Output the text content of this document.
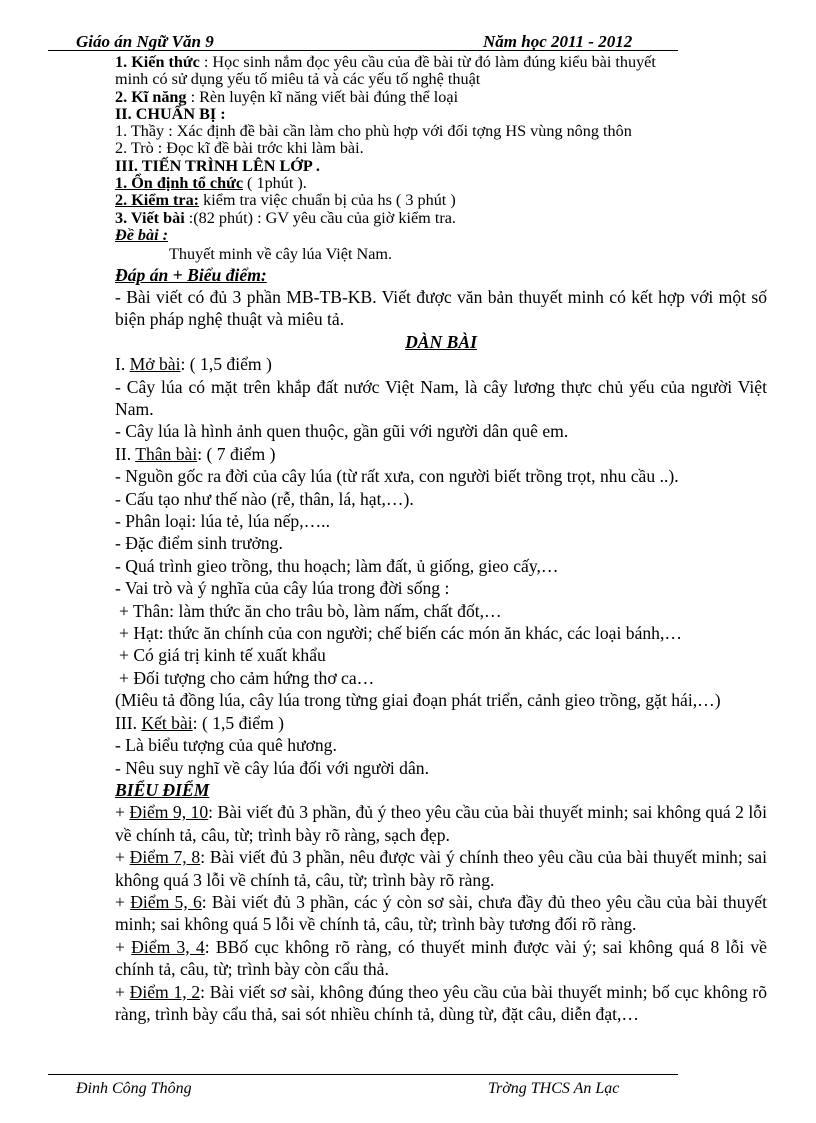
Giáo án Ngữ Văn 9	Năm học 2011 - 2012
1. Kiến thức : Học sinh nắm đọc yêu cầu của đề bài từ đó làm đúng kiểu bài thuyết
minh có sử dụng yếu tố miêu tả và các yếu tố nghệ thuật
2. Kĩ năng : Rèn luyện kĩ năng viết bài đúng thể loại
II. CHUẨN BỊ :
1. Thầy : Xác định đề bài cần làm cho phù hợp với đối tợng HS vùng nông thôn
2. Trò : Đọc kĩ đề bài trớc khi làm bài.
III. TIẾN TRÌNH LÊN LỚP .
1. Ổn định tổ chức ( 1phút ).
2. Kiểm tra: kiểm tra việc chuẩn bị của hs ( 3 phút )
3. Viết bài :(82 phút) : GV yêu cầu của giờ kiểm tra.
Đề bài :
Thuyết minh về cây lúa Việt Nam.
Đáp án + Biểu điểm:
- Bài viết có đủ 3 phần MB-TB-KB. Viết được văn bản thuyết minh có kết hợp với một số biện pháp nghệ thuật và miêu tả.
DÀN BÀI
I. Mở bài: ( 1,5 điểm )
- Cây lúa có mặt trên khắp đất nước Việt Nam, là cây lương thực chủ yếu của người Việt Nam.
- Cây lúa là hình ảnh quen thuộc, gần gũi với người dân quê em.
II. Thân bài: ( 7 điểm )
- Nguồn gốc ra đời của cây lúa (từ rất xưa, con người biết trồng trọt, nhu cầu ..).
- Cấu tạo như thế nào (rễ, thân, lá, hạt,…).
- Phân loại: lúa tẻ, lúa nếp,…..
- Đặc điểm sinh trưởng.
- Quá trình gieo trồng, thu hoạch; làm đất, ủ giống, gieo cấy,…
- Vai trò và ý nghĩa của cây lúa trong đời sống :
+ Thân: làm thức ăn cho trâu bò, làm nấm, chất đốt,…
+ Hạt: thức ăn chính của con người; chế biến các món ăn khác, các loại bánh,…
+ Có giá trị kinh tế xuất khẩu
+ Đối tượng cho cảm hứng thơ ca…
(Miêu tả đồng lúa, cây lúa trong từng giai đoạn phát triển, cảnh gieo trồng, gặt hái,…)
III. Kết bài: ( 1,5 điểm )
- Là biểu tượng của quê hương.
- Nêu suy nghĩ về cây lúa đối với người dân.
BIỂU ĐIỂM
+ Điểm 9, 10: Bài viết đủ 3 phần, đủ ý theo yêu cầu của bài thuyết minh; sai không quá 2 lỗi về chính tả, câu, từ; trình bày rõ ràng, sạch đẹp.
+ Điểm 7, 8: Bài viết đủ 3 phần, nêu được vài ý chính theo yêu cầu của bài thuyết minh; sai không quá 3 lỗi về chính tả, câu, từ; trình bày rõ ràng.
+ Điểm 5, 6: Bài viết đủ 3 phần, các ý còn sơ sài, chưa đầy đủ theo yêu cầu của bài thuyết minh; sai không quá 5 lỗi về chính tả, câu, từ; trình bày tương đối rõ ràng.
+ Điểm 3, 4: BBố cục không rõ ràng, có thuyết minh được vài ý; sai không quá 8 lỗi về chính tả, câu, từ; trình bày còn cẩu thả.
+ Điểm 1, 2: Bài viết sơ sài, không đúng theo yêu cầu của bài thuyết minh; bố cục không rõ ràng, trình bày cẩu thả, sai sót nhiều chính tả, dùng từ, đặt câu, diễn đạt,…
Đinh Công Thông	Trờng THCS An Lạc
